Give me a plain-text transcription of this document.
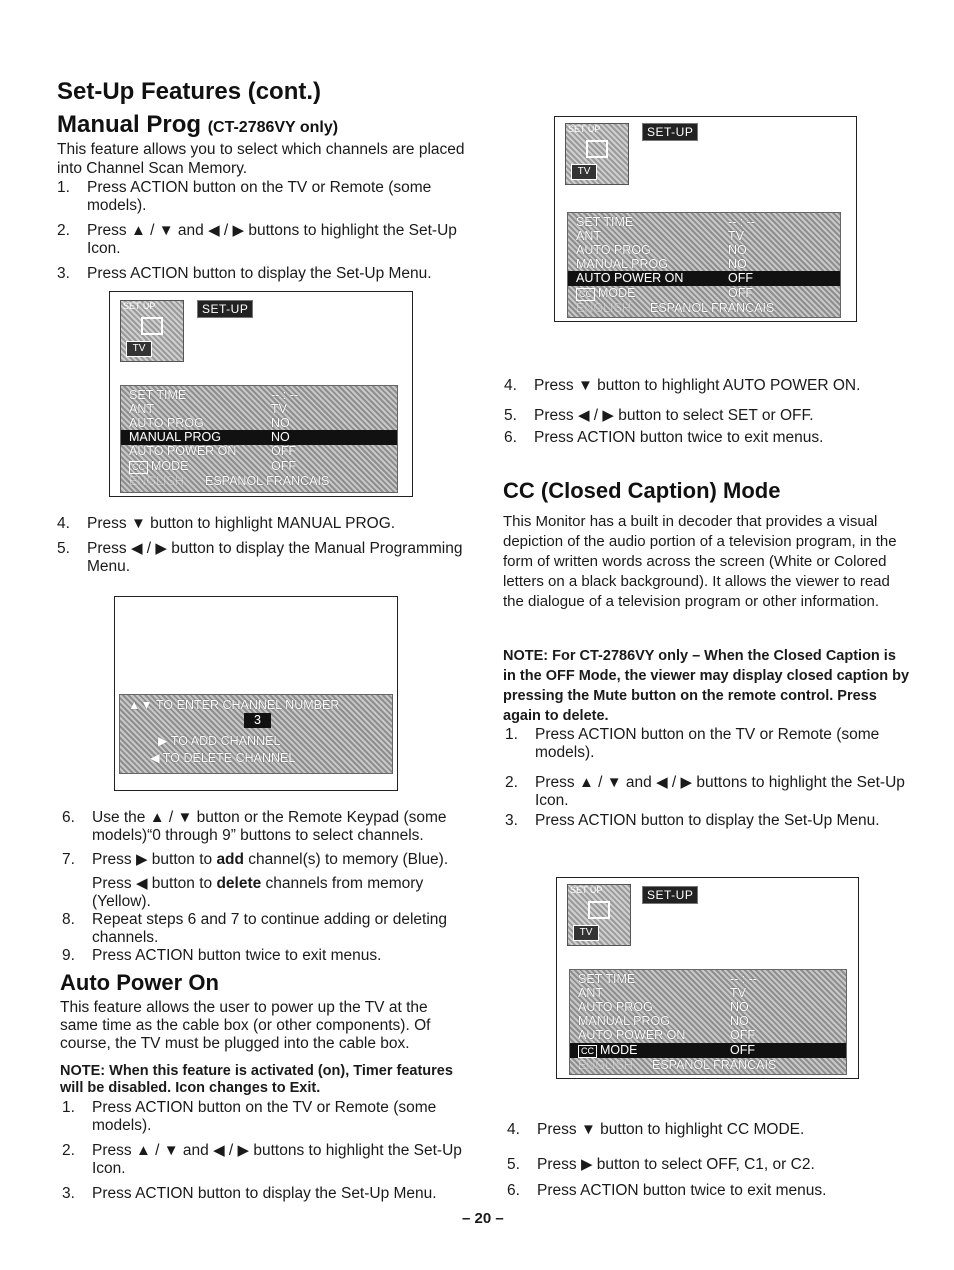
Set-Up Features (cont.)
Manual Prog (CT-2786VY only)
This feature allows you to select which channels are placed into Channel Scan Memory.
1. Press ACTION button on the TV or Remote (some models).
2. Press ▲ / ▼ and ◀ / ▶ buttons to highlight the Set-Up Icon.
3. Press ACTION button to display the Set-Up Menu.
SET UP
TV
SET-UP
SET TIME	-- : --
ANT	TV
AUTO PROG	NO
MANUAL PROG	NO
AUTO POWER ON	OFF
CC MODE	OFF
ENGLISH ESPANOL FRANCAIS
4. Press ▼ button to highlight MANUAL PROG.
5. Press ◀ / ▶ button to display the Manual Programming Menu.
▲▼ TO ENTER CHANNEL NUMBER
3
▶ TO ADD CHANNEL
◀ TO DELETE CHANNEL
6. Use the ▲ / ▼ button or the Remote Keypad (some models)“0 through 9” buttons to select channels.
7. Press ▶ button to add channel(s) to memory (Blue).
Press ◀ button to delete channels from memory (Yellow).
8. Repeat steps 6 and 7 to continue adding or deleting channels.
9. Press ACTION button twice to exit menus.
Auto Power On
This feature allows the user to power up the TV at the same time as the cable box (or other components). Of course, the TV must be plugged into the cable box.
NOTE: When this feature is activated (on), Timer features will be disabled. Icon changes to Exit.
1. Press ACTION button on the TV or Remote (some models).
2. Press ▲ / ▼ and ◀ / ▶ buttons to highlight the Set-Up Icon.
3. Press ACTION button to display the Set-Up Menu.
SET UP
TV
SET-UP
SET TIME	-- : --
ANT	TV
AUTO PROG	NO
MANUAL PROG	NO
AUTO POWER ON	OFF
CC MODE	OFF
ENGLISH ESPANOL FRANCAIS
4. Press ▼ button to highlight AUTO POWER ON.
5. Press ◀ / ▶ button to select SET or OFF.
6. Press ACTION button twice to exit menus.
CC (Closed Caption) Mode
This Monitor has a built in decoder that provides a visual depiction of the audio portion of a television program, in the form of written words across the screen (White or Colored letters on a black background). It allows the viewer to read the dialogue of a television program or other information.
NOTE: For CT-2786VY only – When the Closed Caption is in the OFF Mode, the viewer may display closed caption by pressing the Mute button on the remote control. Press again to delete.
1. Press ACTION button on the TV or Remote (some models).
2. Press ▲ / ▼ and ◀ / ▶ buttons to highlight the Set-Up Icon.
3. Press ACTION button to display the Set-Up Menu.
SET UP
TV
SET-UP
SET TIME	-- : --
ANT	TV
AUTO PROG	NO
MANUAL PROG	NO
AUTO POWER ON	OFF
CC MODE	OFF
ENGLISH ESPANOL FRANCAIS
4. Press ▼ button to highlight CC MODE.
5. Press ▶ button to select OFF, C1, or C2.
6. Press ACTION button twice to exit menus.
– 20 –
